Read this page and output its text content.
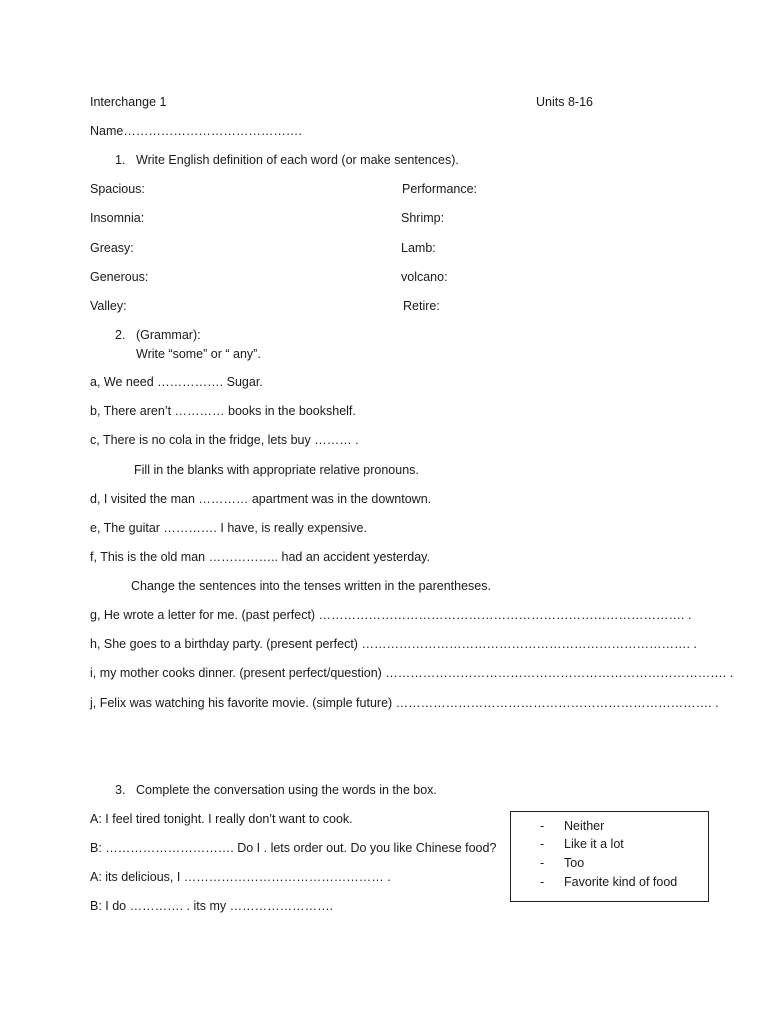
Interchange 1	Units 8-16
Name…………………………………….
1. Write English definition of each word (or make sentences).
Spacious:
Insomnia:
Greasy:
Generous:
Valley:
Performance:
Shrimp:
Lamb:
volcano:
Retire:
2. (Grammar):
Write “some” or “ any”.
a, We need ……………. Sugar.
b, There aren’t ………… books in the bookshelf.
c, There is no cola in the fridge, lets buy ……… .
Fill in the blanks with appropriate relative pronouns.
d, I visited the man ………… apartment was in the downtown.
e, The guitar …………. I have, is really expensive.
f, This is the old man …………….. had an accident yesterday.
Change the sentences into the tenses written in the parentheses.
g, He wrote a letter for me. (past perfect) ……………………………………………………………………………. .
h, She goes to a birthday party. (present perfect) ……………………………………………………………………. .
i, my mother cooks dinner. (present perfect/question) ………………………………………………………………………. .
j, Felix was watching his favorite movie. (simple future) …………………………………………………………………. .
3. Complete the conversation using the words in the box.
A: I feel tired tonight. I really don’t want to cook.
B: …………………………. Do I . lets order out. Do you like Chinese food?
A: its delicious, I ………………………………………… .
B: I do …………. . its my …………………….
- Neither
- Like it a lot
- Too
- Favorite kind of food
